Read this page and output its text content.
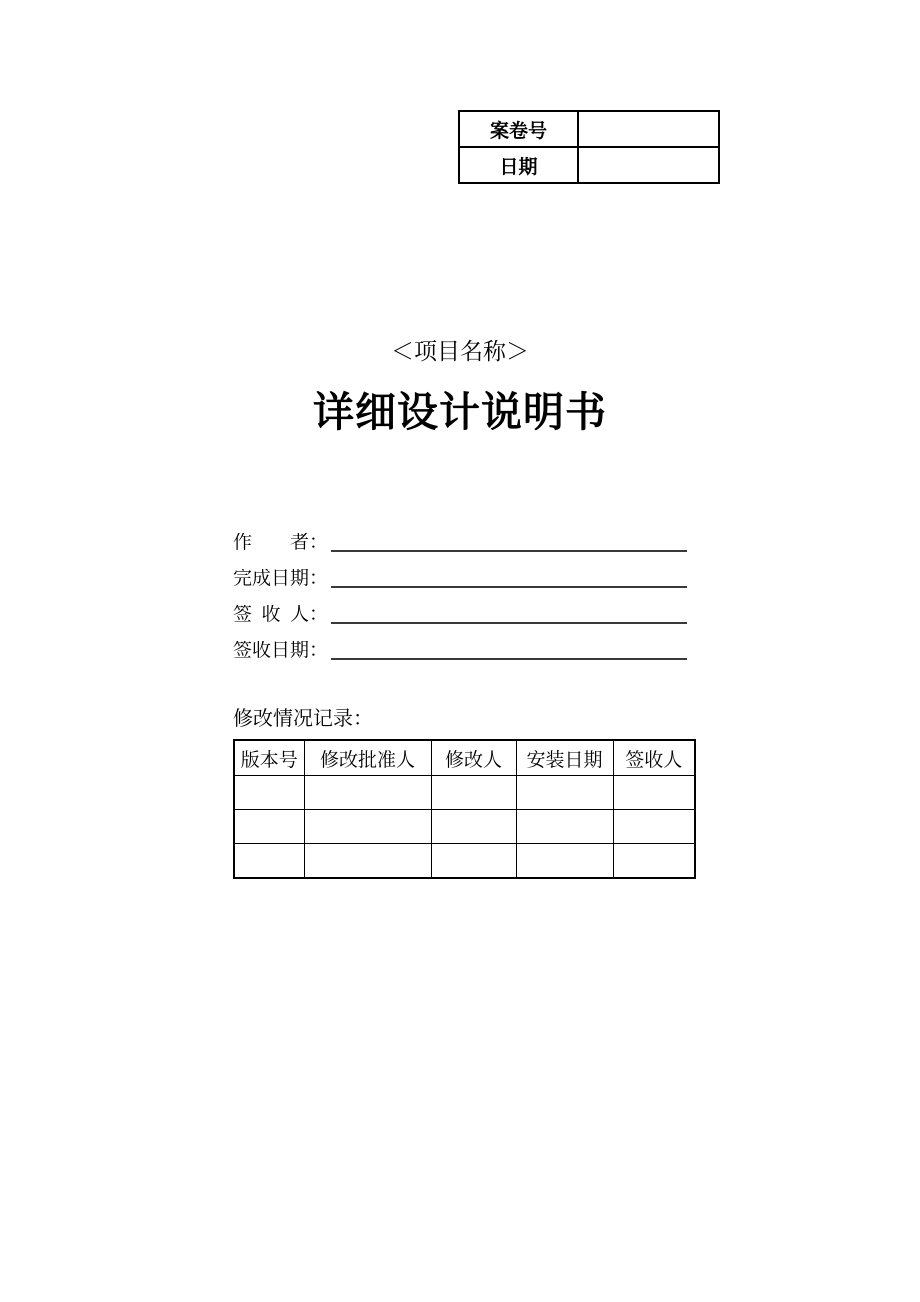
案卷号	
日期	
＜项目名称＞
详细设计说明书
作者 ：
完成日期 ：
签收人 ：
签收日期 ：
修改情况记录：
版本号	修改批准人	修改人	安装日期	签收人
